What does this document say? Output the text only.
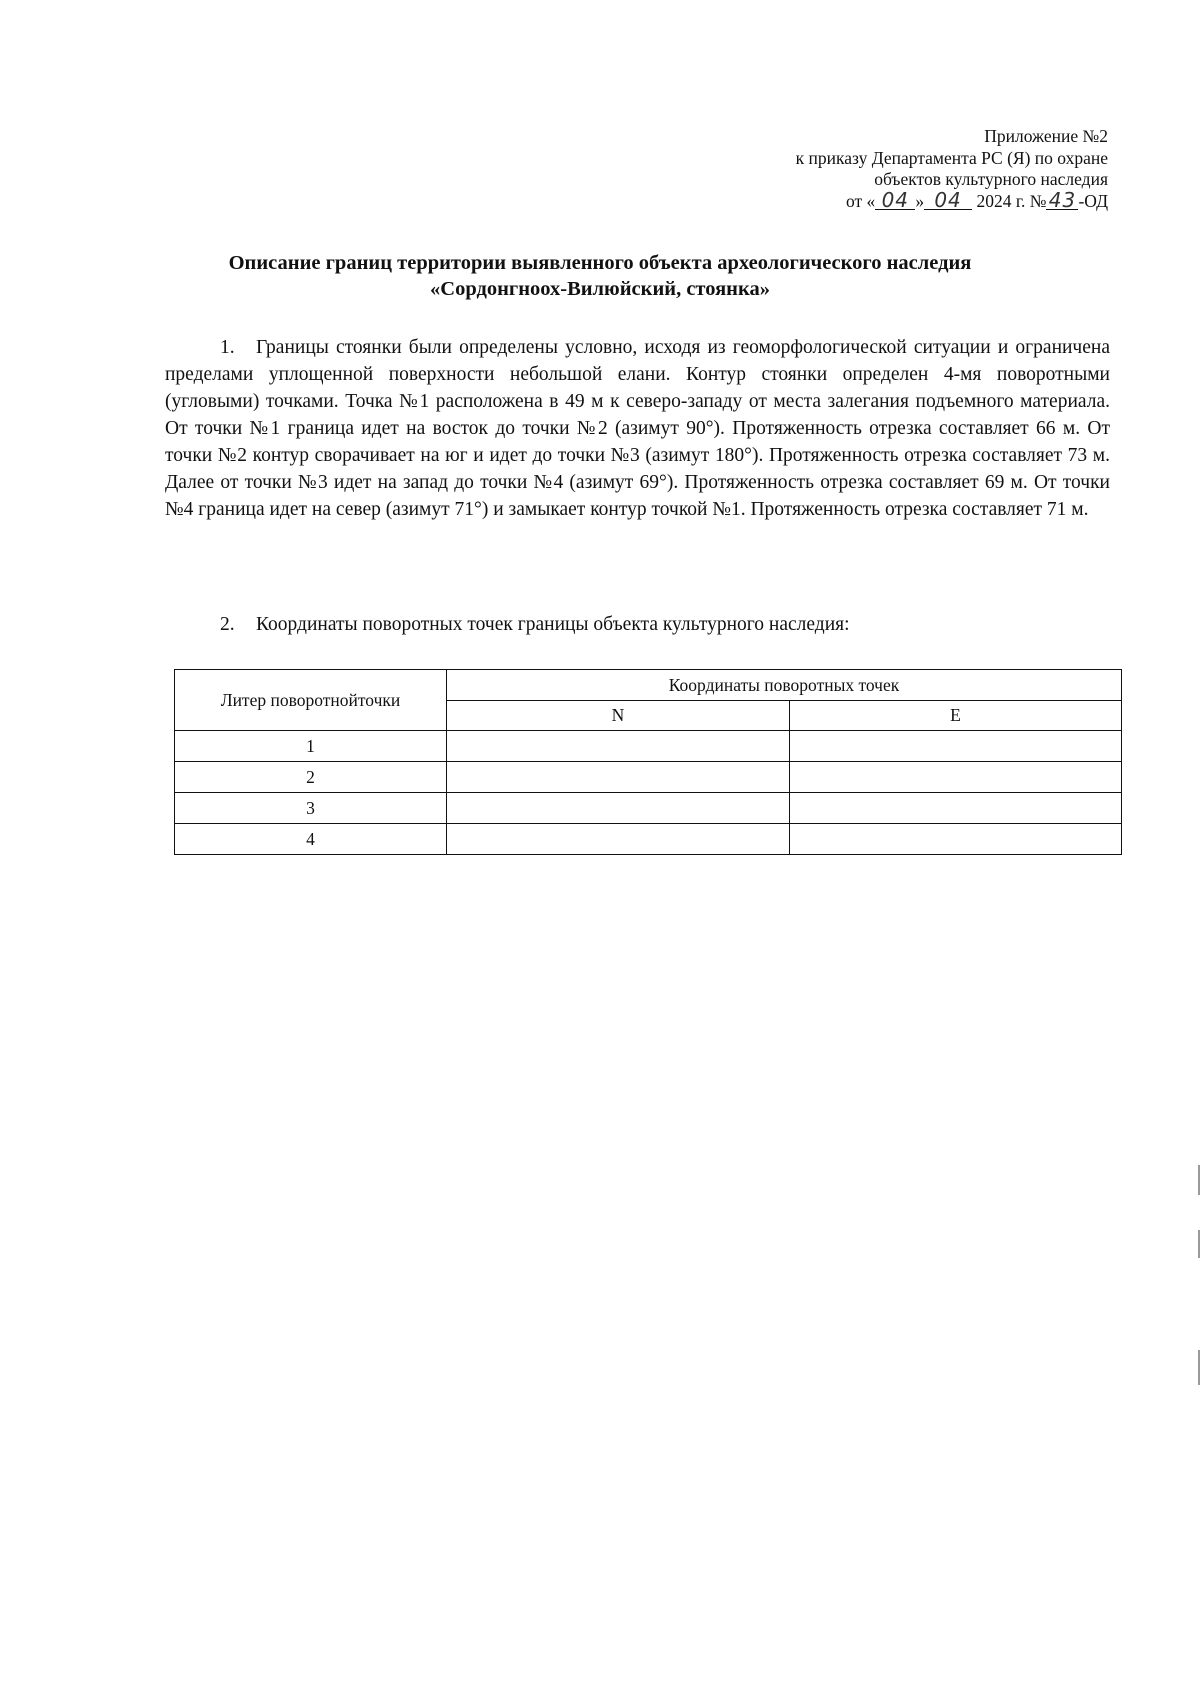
Приложение №2
к приказу Департамента РС (Я) по охране
объектов культурного наследия
от « 04 » 04 2024 г. № 43 -ОД
Описание границ территории выявленного объекта археологического наследия
«Сордонгноох-Вилюйский, стоянка»
1. Границы стоянки были определены условно, исходя из геоморфологической ситуации и ограничена пределами уплощенной поверхности небольшой елани. Контур стоянки определен 4-мя поворотными (угловыми) точками. Точка №1 расположена в 49 м к северо-западу от места залегания подъемного материала. От точки №1 граница идет на восток до точки №2 (азимут 90°). Протяженность отрезка составляет 66 м. От точки №2 контур сворачивает на юг и идет до точки №3 (азимут 180°). Протяженность отрезка составляет 73 м. Далее от точки №3 идет на запад до точки №4 (азимут 69°). Протяженность отрезка составляет 69 м. От точки №4 граница идет на север (азимут 71°) и замыкает контур точкой №1. Протяженность отрезка составляет 71 м.
2. Координаты поворотных точек границы объекта культурного наследия:
Литер поворотнойточки	Координаты поворотных точек	
	N	E
1		
2		
3		
4		
